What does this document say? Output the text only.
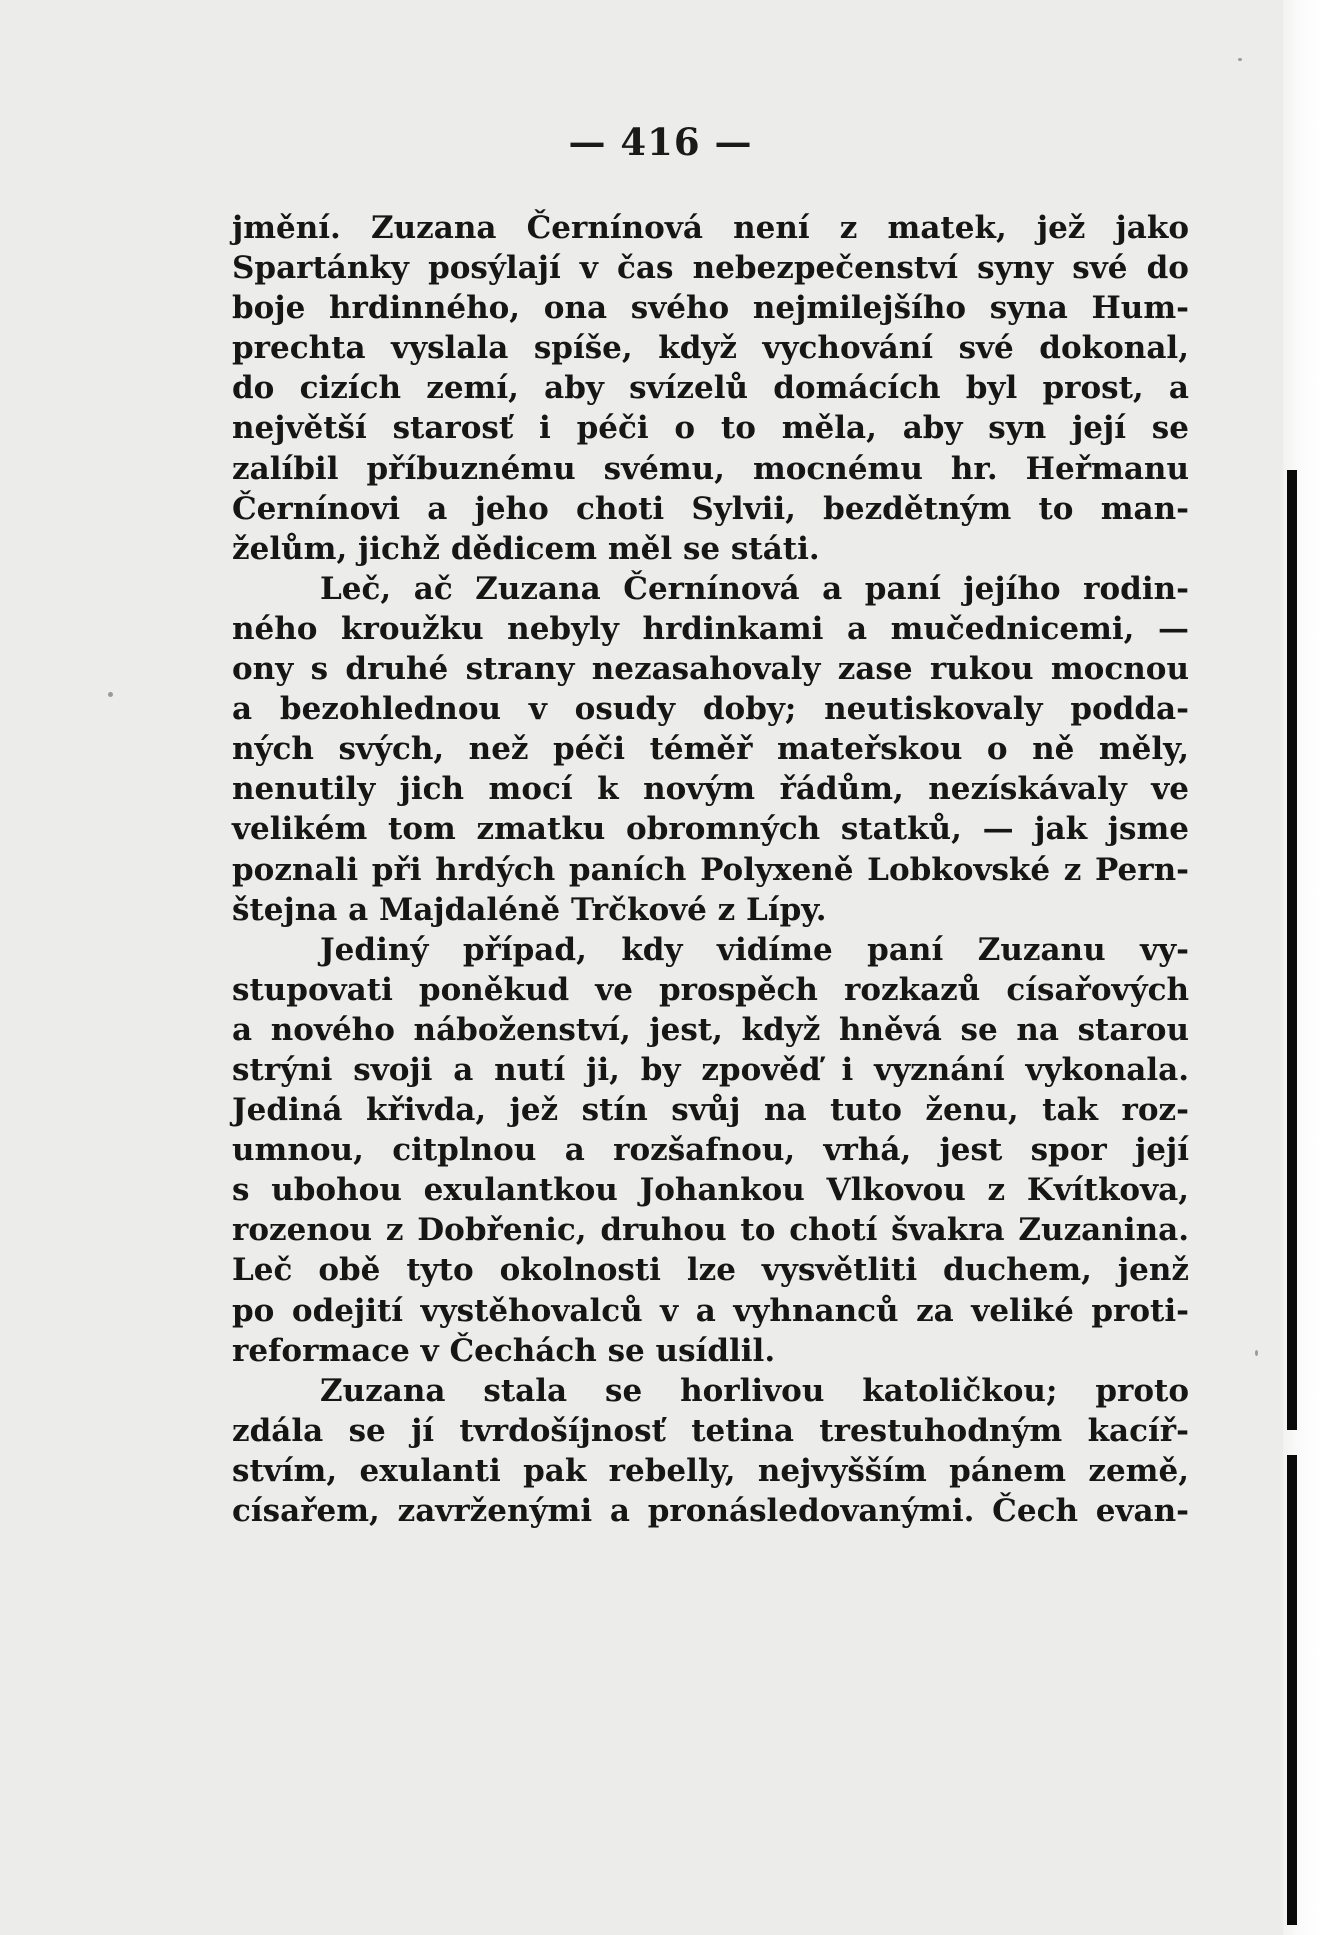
— 416 —
jmění. Zuzana Černínová není z matek, jež jako
Spartánky posýlají v čas nebezpečenství syny své do
boje hrdinného, ona svého nejmilejšího syna Hum-
prechta vyslala spíše, když vychování své dokonal,
do cizích zemí, aby svízelů domácích byl prost, a
největší starosť i péči o to měla, aby syn její se
zalíbil příbuznému svému, mocnému hr. Heřmanu
Černínovi a jeho choti Sylvii, bezdětným to man-
želům, jichž dědicem měl se státi.
Leč, ač Zuzana Černínová a paní jejího rodin-
ného kroužku nebyly hrdinkami a mučednicemi, —
ony s druhé strany nezasahovaly zase rukou mocnou
a bezohlednou v osudy doby; neutiskovaly podda-
ných svých, než péči téměř mateřskou o ně měly,
nenutily jich mocí k novým řádům, nezískávaly ve
velikém tom zmatku obromných statků, — jak jsme
poznali při hrdých paních Polyxeně Lobkovské z Pern-
štejna a Majdaléně Trčkové z Lípy.
Jediný případ, kdy vidíme paní Zuzanu vy-
stupovati poněkud ve prospěch rozkazů císařových
a nového náboženství, jest, když hněvá se na starou
strýni svoji a nutí ji, by zpověď i vyznání vykonala.
Jediná křivda, jež stín svůj na tuto ženu, tak roz-
umnou, citplnou a rozšafnou, vrhá, jest spor její
s ubohou exulantkou Johankou Vlkovou z Kvítkova,
rozenou z Dobřenic, druhou to chotí švakra Zuzanina.
Leč obě tyto okolnosti lze vysvětliti duchem, jenž
po odejití vystěhovalců v a vyhnanců za veliké proti-
reformace v Čechách se usídlil.
Zuzana stala se horlivou katoličkou; proto
zdála se jí tvrdošíjnosť tetina trestuhodným kacíř-
stvím, exulanti pak rebelly, nejvyšším pánem země,
císařem, zavrženými a pronásledovanými. Čech evan-
